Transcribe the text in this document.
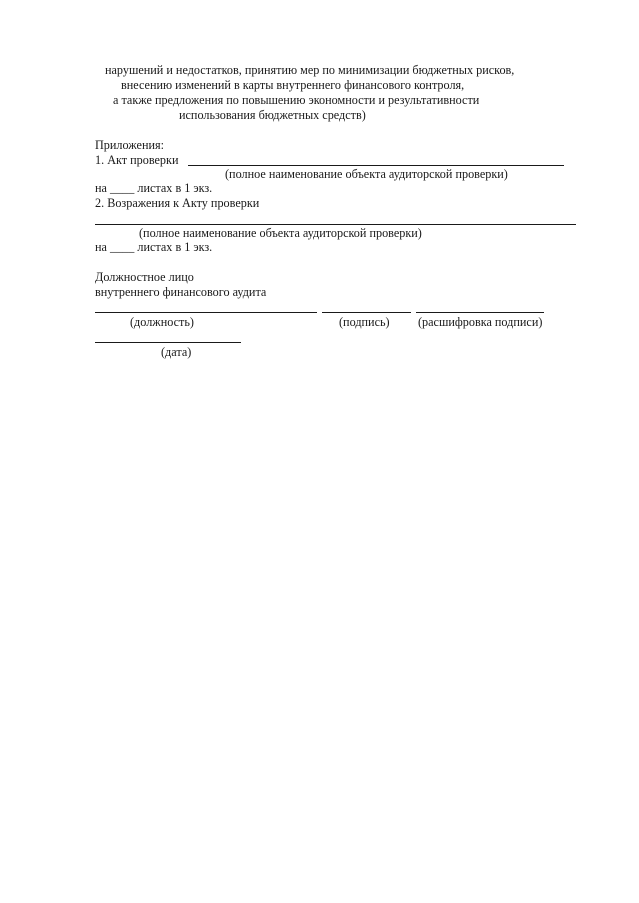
нарушений и недостатков, принятию мер по минимизации бюджетных рисков,
внесению изменений в карты внутреннего финансового контроля,
а также предложения по повышению экономности и результативности
использования бюджетных средств)
Приложения:
1. Акт проверки
(полное наименование объекта аудиторской проверки)
на ____ листах в 1 экз.
2. Возражения к Акту проверки
(полное наименование объекта аудиторской проверки)
на ____ листах в 1 экз.
Должностное лицо
внутреннего финансового аудита
(должность)	(подпись) (расшифровка подписи)
(дата)
